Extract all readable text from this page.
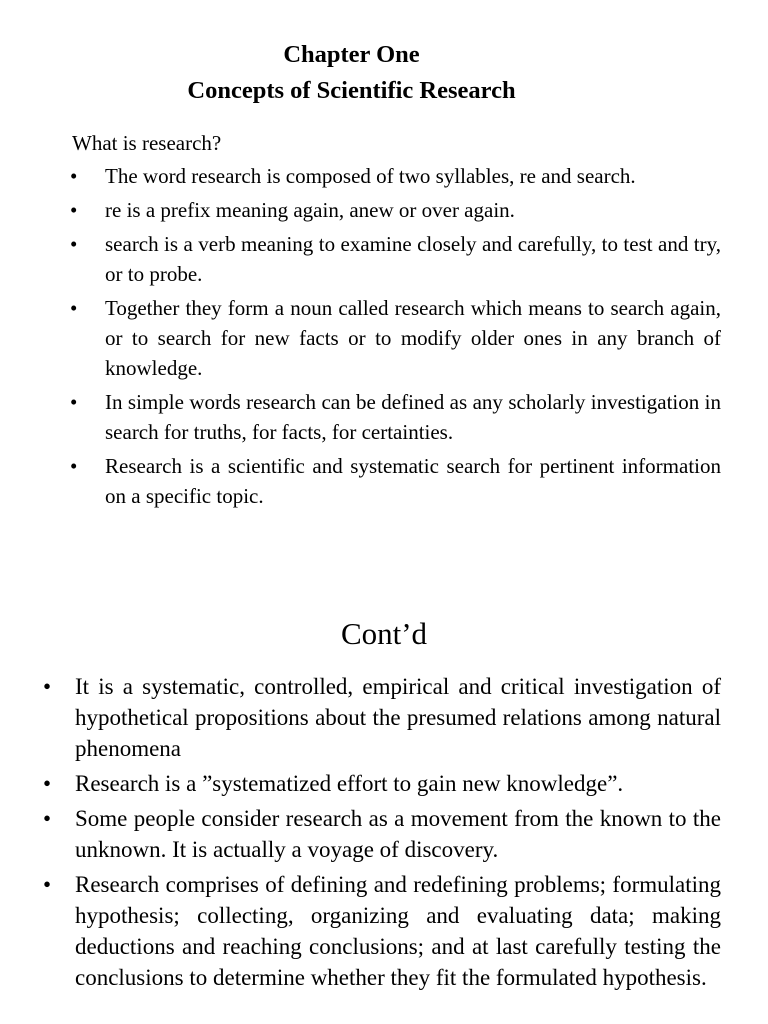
Chapter One
Concepts of Scientific Research
What is research?
• The word research is composed of two syllables, re and search.
• re is a prefix meaning again, anew or over again.
• search is a verb meaning to examine closely and carefully, to test and try, or to probe.
• Together they form a noun called research which means to search again, or to search for new facts or to modify older ones in any branch of knowledge.
• In simple words research can be defined as any scholarly investigation in search for truths, for facts, for certainties.
• Research is a scientific and systematic search for pertinent information on a specific topic.
Cont’d
• It is a systematic, controlled, empirical and critical investigation of hypothetical propositions about the presumed relations among natural phenomena
• Research is a ”systematized effort to gain new knowledge”.
• Some people consider research as a movement from the known to the unknown. It is actually a voyage of discovery.
• Research comprises of defining and redefining problems; formulating hypothesis; collecting, organizing and evaluating data; making deductions and reaching conclusions; and at last carefully testing the conclusions to determine whether they fit the formulated hypothesis.
